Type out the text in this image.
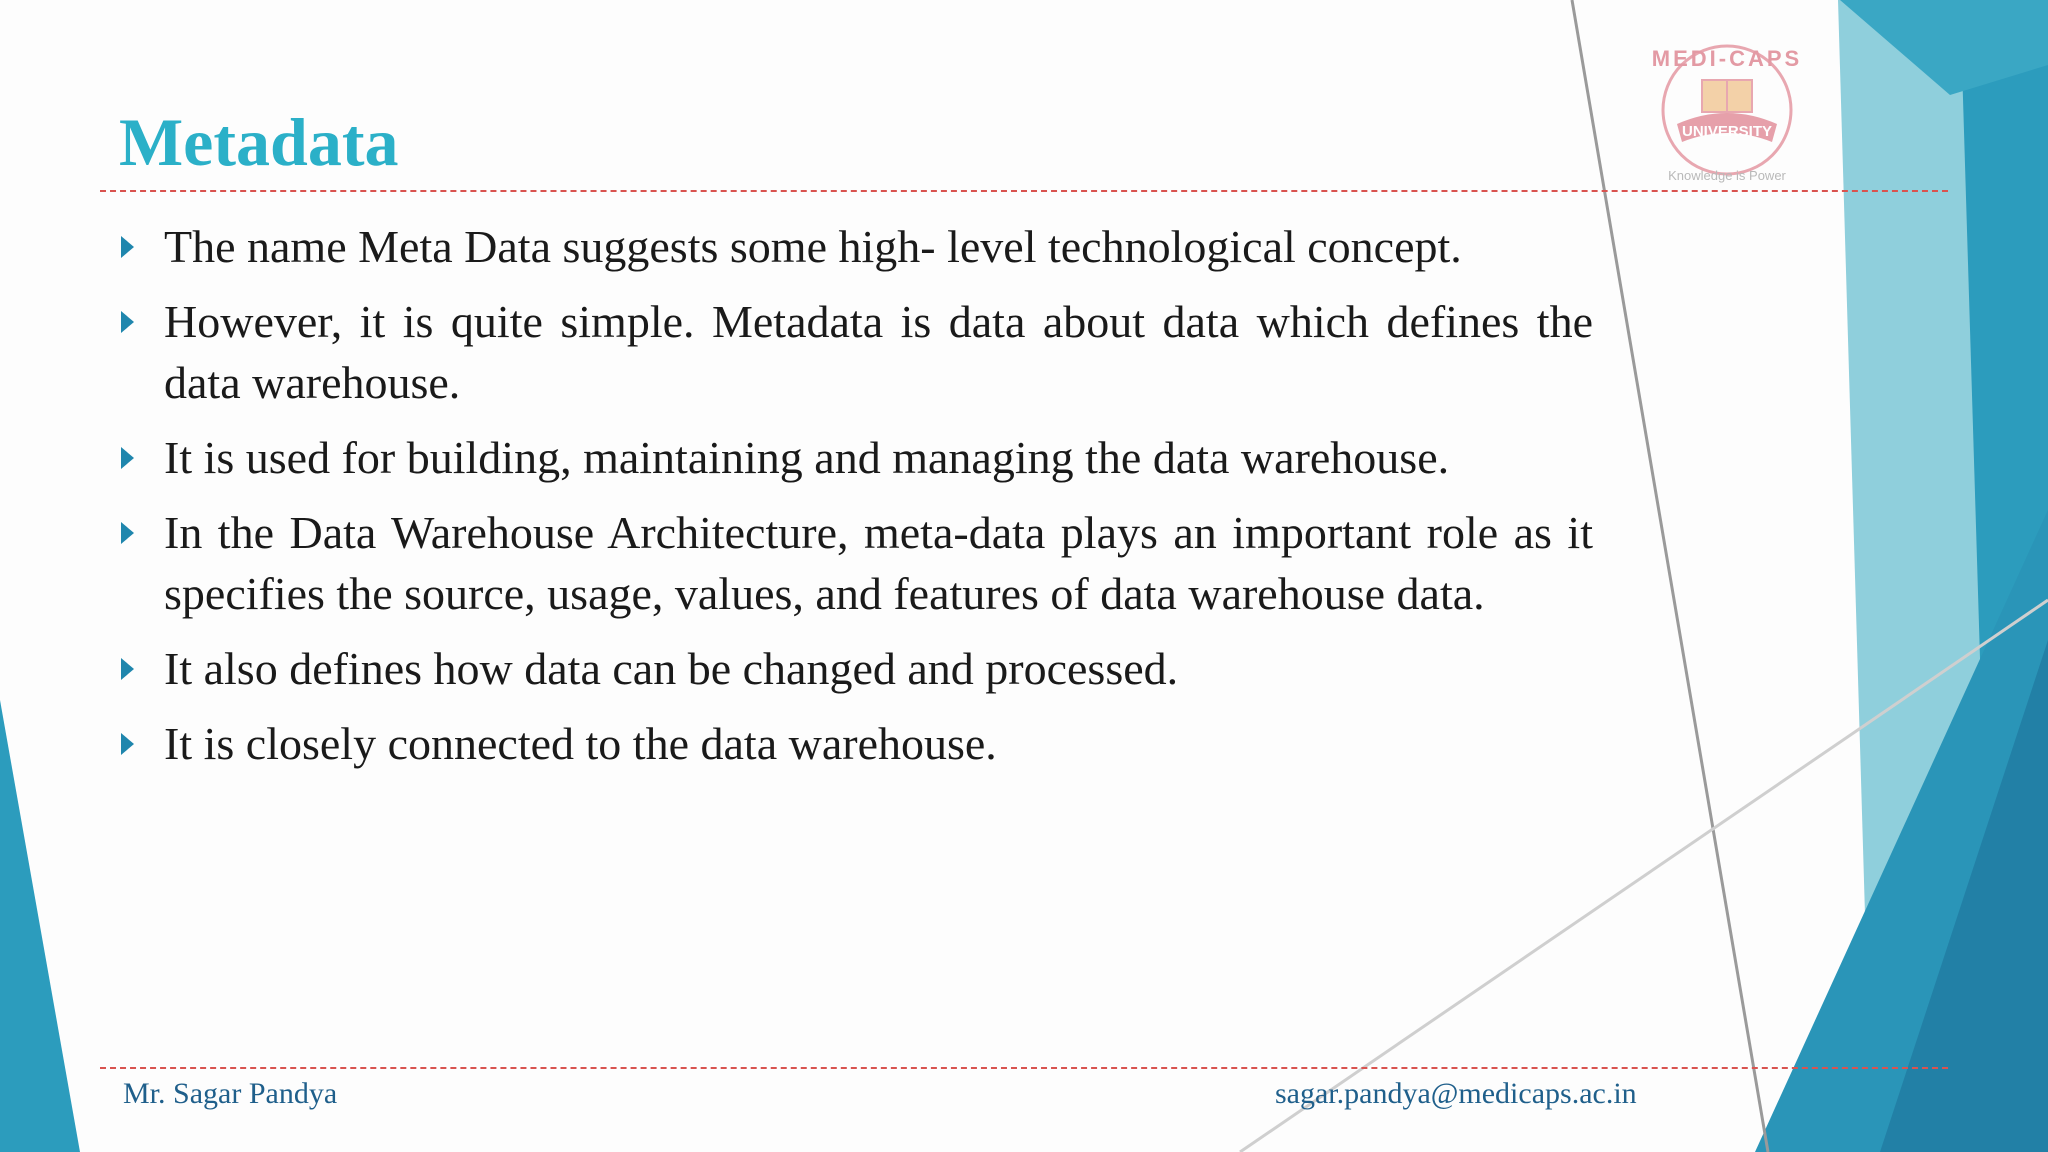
MEDI-CAPS
UNIVERSITY
Knowledge is Power
Metadata
The name Meta Data suggests some high- level technological concept.
However, it is quite simple. Metadata is data about data which defines the data warehouse.
It is used for building, maintaining and managing the data warehouse.
In the Data Warehouse Architecture, meta-data plays an important role as it specifies the source, usage, values, and features of data warehouse data.
It also defines how data can be changed and processed.
It is closely connected to the data warehouse.
Mr. Sagar Pandya	sagar.pandya@medicaps.ac.in
